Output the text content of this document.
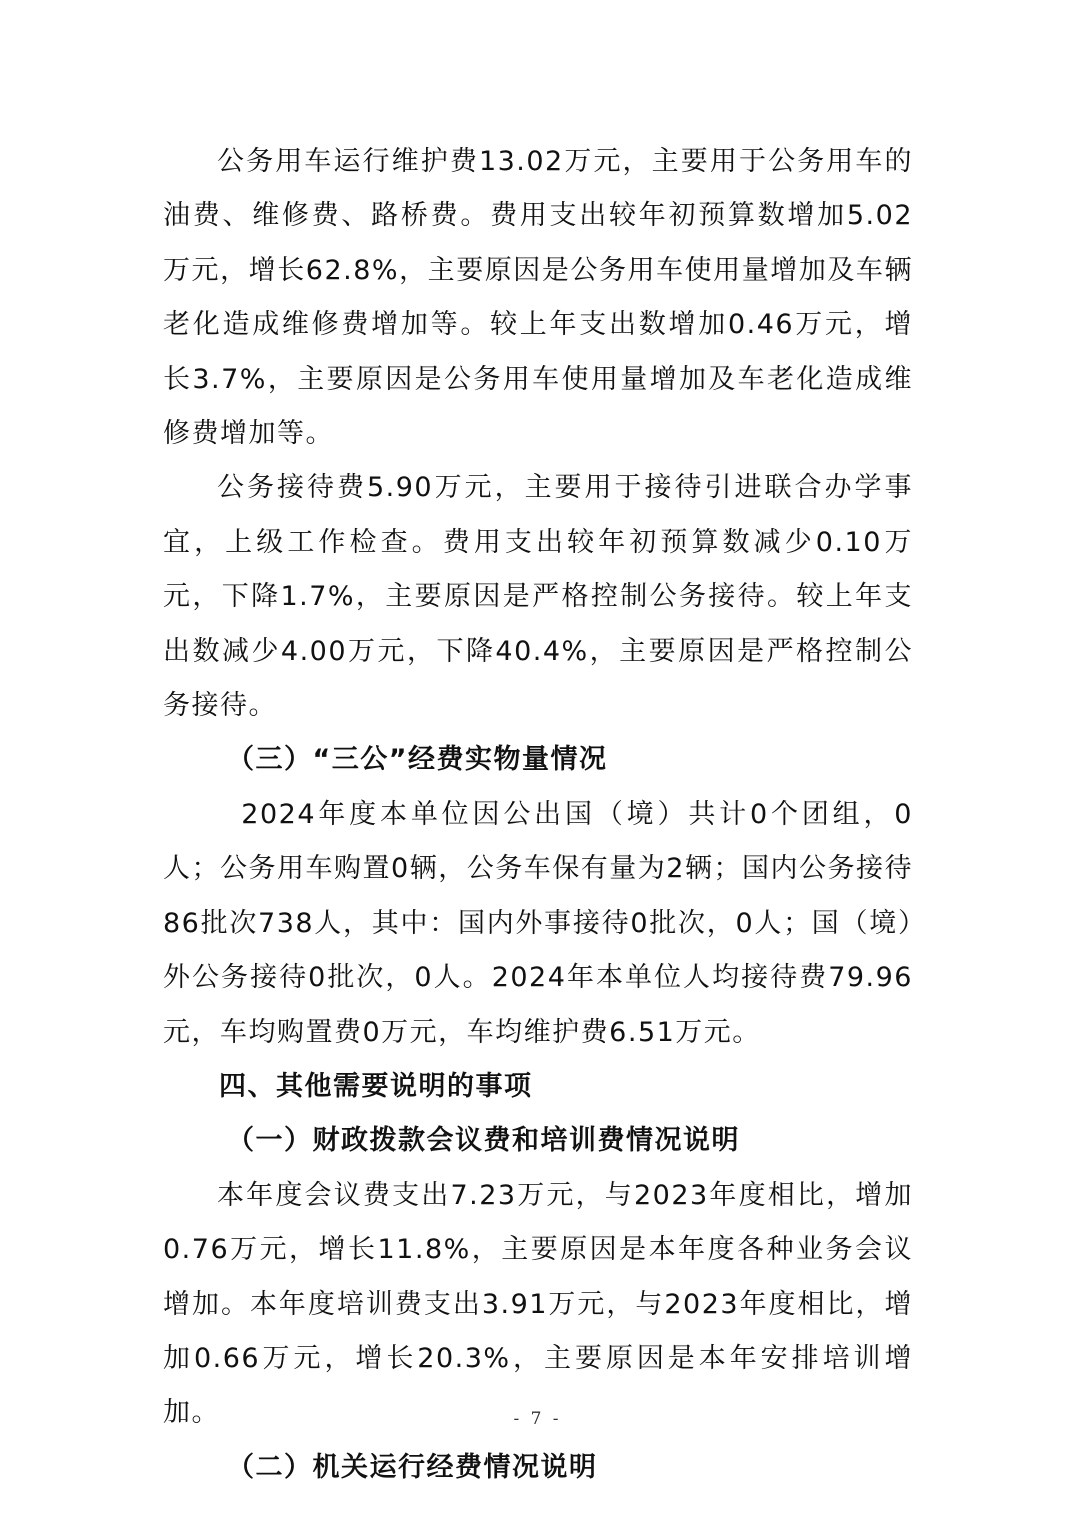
公务用车运行维护费13.02万元，主要用于公务用车的油费、维修费、路桥费。费用支出较年初预算数增加5.02万元，增长62.8%，主要原因是公务用车使用量增加及车辆老化造成维修费增加等。较上年支出数增加0.46万元，增长3.7%，主要原因是公务用车使用量增加及车老化造成维修费增加等。

公务接待费5.90万元，主要用于接待引进联合办学事宜，上级工作检查。费用支出较年初预算数减少0.10万元，下降1.7%，主要原因是严格控制公务接待。较上年支出数减少4.00万元，下降40.4%，主要原因是严格控制公务接待。

（三）“三公”经费实物量情况

2024年度本单位因公出国（境）共计0个团组，0人；公务用车购置0辆，公务车保有量为2辆；国内公务接待86批次738人，其中：国内外事接待0批次，0人；国（境）外公务接待0批次，0人。2024年本单位人均接待费79.96元，车均购置费0万元，车均维护费6.51万元。

四、其他需要说明的事项

（一）财政拨款会议费和培训费情况说明

本年度会议费支出7.23万元，与2023年度相比，增加0.76万元，增长11.8%，主要原因是本年度各种业务会议增加。本年度培训费支出3.91万元，与2023年度相比，增加0.66万元，增长20.3%，主要原因是本年安排培训增加。

（二）机关运行经费情况说明

- 7 -
